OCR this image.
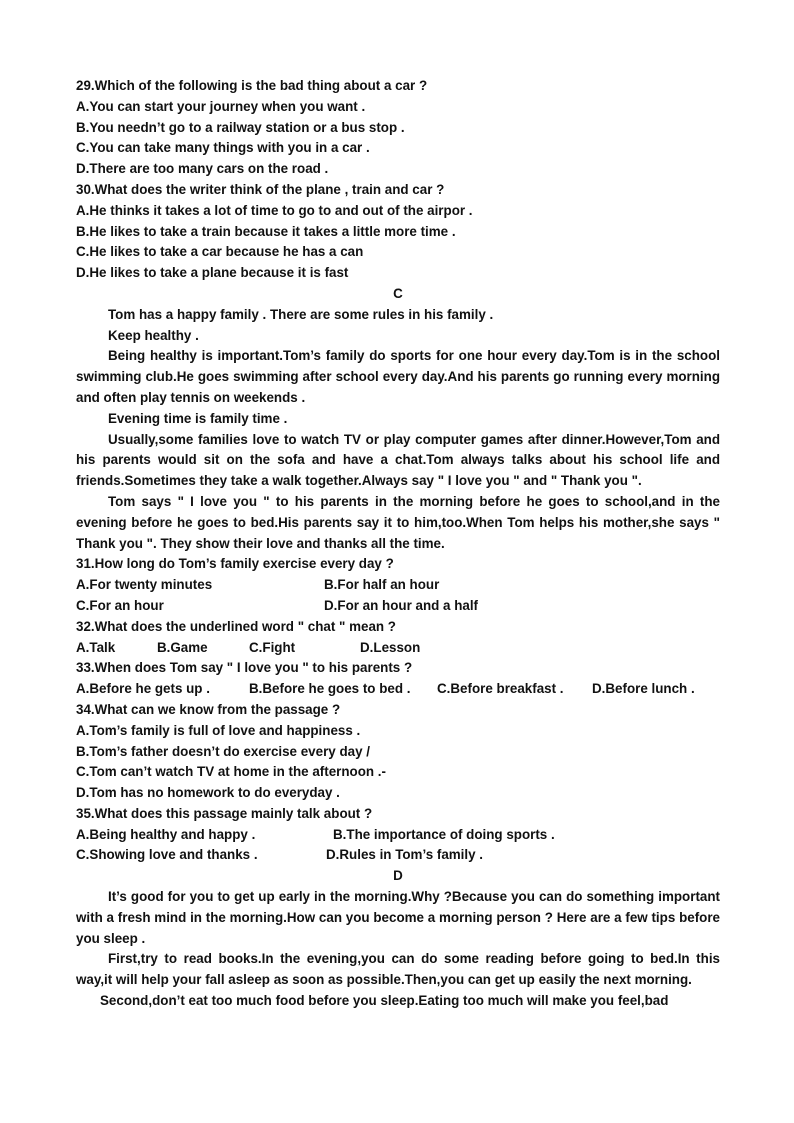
29.Which of the following is the bad thing about a car ?
A.You can start your journey when you want .
B.You needn’t go to a railway station or a bus stop .
C.You can take many things with you in a car .
D.There are too many cars on the road .
30.What does the writer think of the plane , train and car ?
A.He thinks it takes a lot of time to go to and out of the airpor .
B.He likes to take a train because it takes a little more time .
C.He likes to take a car because he has a can
D.He likes to take a plane because it is fast
C
Tom has a happy family . There are some rules in his family .
Keep healthy .
Being healthy is important.Tom’s family do sports for one hour every day.Tom is in the school swimming club.He goes swimming after school every day.And his parents go running every morning and often play tennis on weekends .
Evening time is family time .
Usually,some families love to watch TV or play computer games after dinner.However,Tom and his parents would sit on the sofa and have a chat.Tom always talks about his school life and friends.Sometimes they take a walk together.Always say " I love you " and " Thank you ".
Tom says " I love you " to his parents in the morning before he goes to school,and in the evening before he goes to bed.His parents say it to him,too.When Tom helps his mother,she says " Thank you ". They show their love and thanks all the time.
31.How long do Tom’s family exercise every day ?
A.For twenty minutes	B.For half an hour
C.For an hour	D.For an hour and a half
32.What does the underlined word " chat " mean ?
A.Talk	B.Game	C.Fight	D.Lesson
33.When does Tom say " I love you " to his parents ?
A.Before he gets up .	B.Before he goes to bed .	C.Before breakfast .	D.Before lunch .
34.What can we know from the passage ?
A.Tom’s family is full of love and happiness .
B.Tom’s father doesn’t do exercise every day /
C.Tom can’t watch TV at home in the afternoon .-
D.Tom has no homework to do everyday .
35.What does this passage mainly talk about ?
A.Being healthy and happy .	B.The importance of doing sports .
C.Showing love and thanks .	D.Rules in Tom’s family .
D
It’s good for you to get up early in the morning.Why ?Because you can do something important with a fresh mind in the morning.How can you become a morning person ? Here are a few tips before you sleep .
First,try to read books.In the evening,you can do some reading before going to bed.In this way,it will help your fall asleep as soon as possible.Then,you can get up easily the next morning.
Second,don’t eat too much food before you sleep.Eating too much will make you feel,bad
